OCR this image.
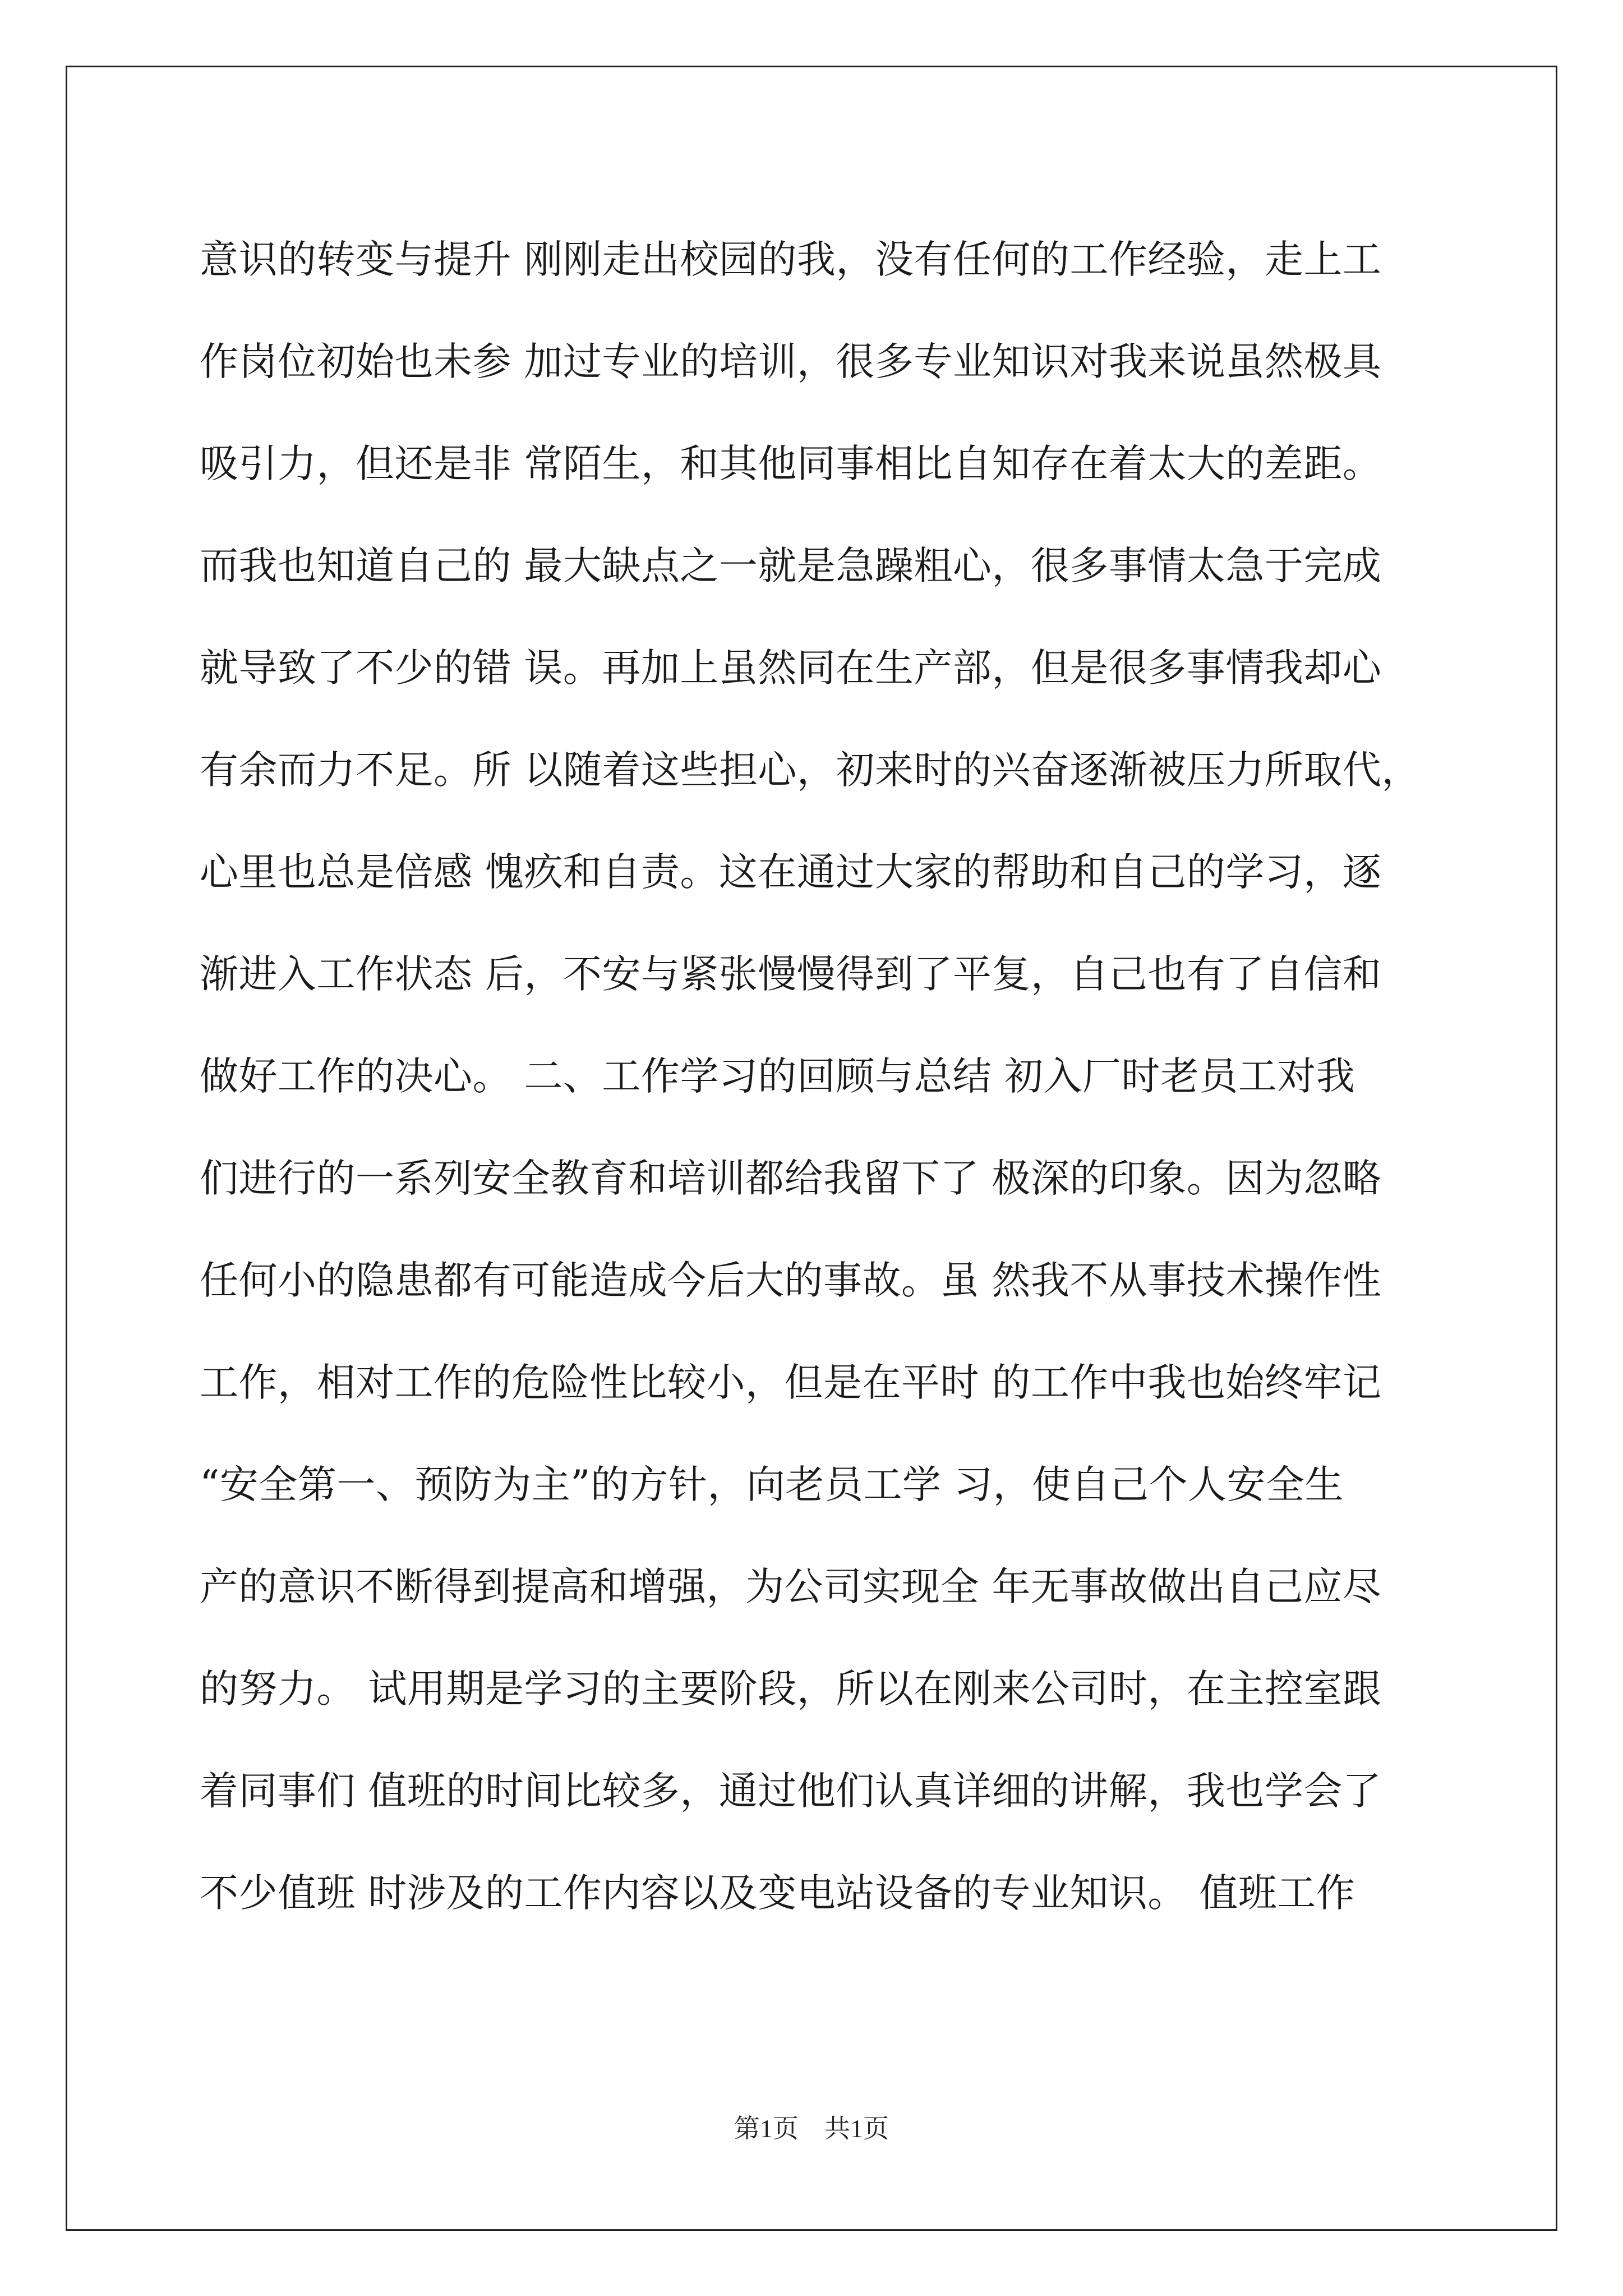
意识的转变与提升 刚刚走出校园的我，没有任何的工作经验，走上工
作岗位初始也未参 加过专业的培训，很多专业知识对我来说虽然极具
吸引力，但还是非 常陌生，和其他同事相比自知存在着太大的差距。
而我也知道自己的 最大缺点之一就是急躁粗心，很多事情太急于完成
就导致了不少的错 误。再加上虽然同在生产部，但是很多事情我却心
有余而力不足。所 以随着这些担心，初来时的兴奋逐渐被压力所取代，
心里也总是倍感 愧疚和自责。这在通过大家的帮助和自己的学习，逐
渐进入工作状态 后，不安与紧张慢慢得到了平复，自己也有了自信和
做好工作的决心。 二、工作学习的回顾与总结 初入厂时老员工对我
们进行的一系列安全教育和培训都给我留下了 极深的印象。因为忽略
任何小的隐患都有可能造成今后大的事故。虽 然我不从事技术操作性
工作，相对工作的危险性比较小，但是在平时 的工作中我也始终牢记
“安全第一、预防为主”的方针，向老员工学 习，使自己个人安全生
产的意识不断得到提高和增强，为公司实现全 年无事故做出自己应尽
的努力。 试用期是学习的主要阶段，所以在刚来公司时，在主控室跟
着同事们 值班的时间比较多，通过他们认真详细的讲解，我也学会了
不少值班 时涉及的工作内容以及变电站设备的专业知识。 值班工作
第1页　共1页
